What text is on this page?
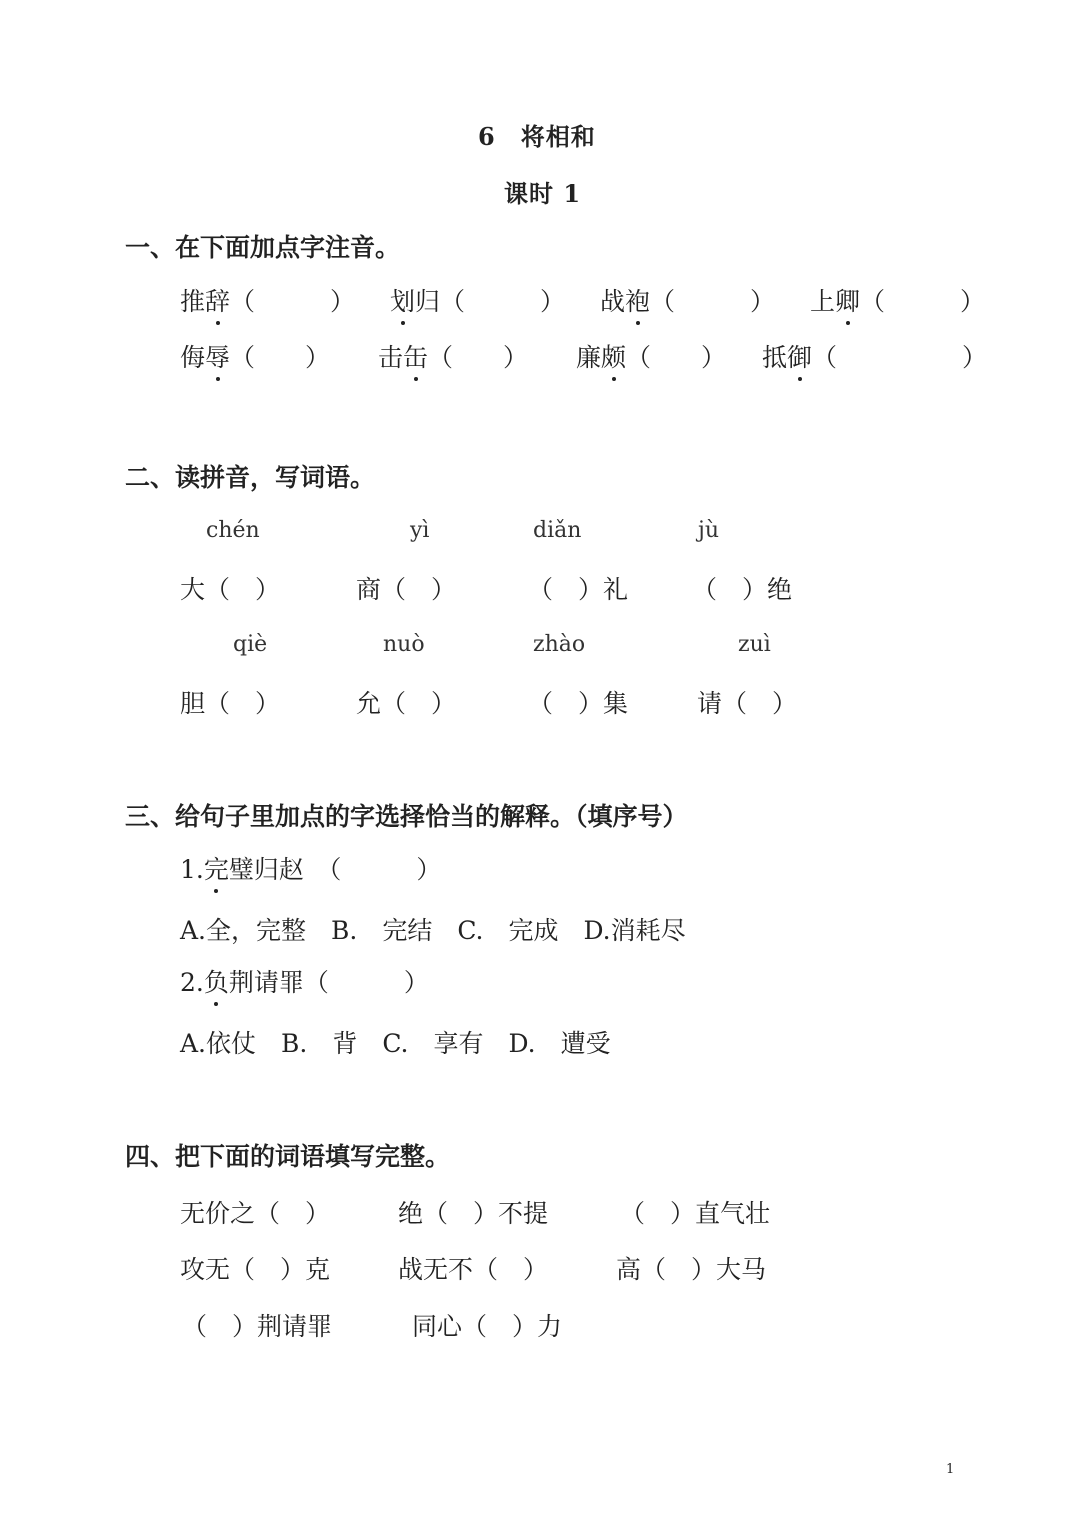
6　将相和
课时 1
一、在下面加点字注音。
推辞（　　　） 划归（　　　） 战袍（　　　） 上卿（　　　）
侮辱（　　） 击缶（　　） 廉颇（　　） 抵御（　　　　　）
二、读拼音，写词语。
chén	yì	diǎn	jù
大（　）	商（　）	（　）礼	（　）绝
qiè	nuò	zhào	zuì
胆（　）	允（　）	（　）集	请（　）
三、给句子里加点的字选择恰当的解释。（填序号）
1.完璧归赵　（　　　）
A.全，完整　B.　完结　C.　完成　D.消耗尽
2.负荆请罪（　　　）
A.依仗　B.　背　C.　享有　D.　遭受
四、把下面的词语填写完整。
无价之（　）	绝（　）不提	（　）直气壮
攻无（　）克	战无不（　）	高（　）大马
（　）荆请罪	同心（　）力
1
